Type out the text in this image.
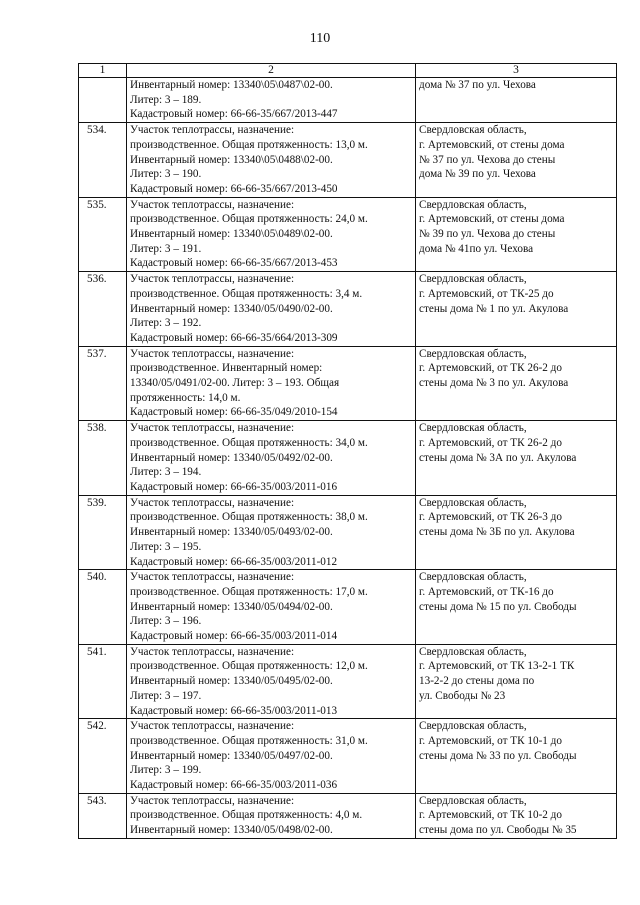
110
1	2	3

	Инвентарный номер: 13340\05\0487\02-00.
Литер: 3 – 189.
Кадастровый номер: 66-66-35/667/2013-447	дома № 37 по ул. Чехова

534.	Участок теплотрассы, назначение:
производственное. Общая протяженность: 13,0 м.
Инвентарный номер: 13340\05\0488\02-00.
Литер: 3 – 190.
Кадастровый номер: 66-66-35/667/2013-450	Свердловская область,
г. Артемовский, от стены дома
№ 37 по ул. Чехова до стены
дома № 39 по ул. Чехова

535.	Участок теплотрассы, назначение:
производственное. Общая протяженность: 24,0 м.
Инвентарный номер: 13340\05\0489\02-00.
Литер: 3 – 191.
Кадастровый номер: 66-66-35/667/2013-453	Свердловская область,
г. Артемовский, от стены дома
№ 39 по ул. Чехова до стены
дома № 41по ул. Чехова

536.	Участок теплотрассы, назначение:
производственное. Общая протяженность: 3,4 м.
Инвентарный номер: 13340/05/0490/02-00.
Литер: 3 – 192.
Кадастровый номер: 66-66-35/664/2013-309	Свердловская область,
г. Артемовский, от ТК-25 до
стены дома № 1 по ул. Акулова

537.	Участок теплотрассы, назначение:
производственное. Инвентарный номер:
13340/05/0491/02-00. Литер: 3 – 193. Общая
протяженность: 14,0 м.
Кадастровый номер: 66-66-35/049/2010-154	Свердловская область,
г. Артемовский, от ТК 26-2 до
стены дома № 3 по ул. Акулова

538.	Участок теплотрассы, назначение:
производственное. Общая протяженность: 34,0 м.
Инвентарный номер: 13340/05/0492/02-00.
Литер: 3 – 194.
Кадастровый номер: 66-66-35/003/2011-016	Свердловская область,
г. Артемовский, от ТК 26-2 до
стены дома № 3А по ул. Акулова

539.	Участок теплотрассы, назначение:
производственное. Общая протяженность: 38,0 м.
Инвентарный номер: 13340/05/0493/02-00.
Литер: 3 – 195.
Кадастровый номер: 66-66-35/003/2011-012	Свердловская область,
г. Артемовский, от ТК 26-3 до
стены дома № 3Б по ул. Акулова

540.	Участок теплотрассы, назначение:
производственное. Общая протяженность: 17,0 м.
Инвентарный номер: 13340/05/0494/02-00.
Литер: 3 – 196.
Кадастровый номер: 66-66-35/003/2011-014	Свердловская область,
г. Артемовский, от ТК-16 до
стены дома № 15 по ул. Свободы

541.	Участок теплотрассы, назначение:
производственное. Общая протяженность: 12,0 м.
Инвентарный номер: 13340/05/0495/02-00.
Литер: 3 – 197.
Кадастровый номер: 66-66-35/003/2011-013	Свердловская область,
г. Артемовский, от ТК 13-2-1 ТК
13-2-2 до стены дома по
ул. Свободы № 23

542.	Участок теплотрассы, назначение:
производственное. Общая протяженность: 31,0 м.
Инвентарный номер: 13340/05/0497/02-00.
Литер: 3 – 199.
Кадастровый номер: 66-66-35/003/2011-036	Свердловская область,
г. Артемовский, от ТК 10-1 до
стены дома № 33 по ул. Свободы

543.	Участок теплотрассы, назначение:
производственное. Общая протяженность: 4,0 м.
Инвентарный номер: 13340/05/0498/02-00.	Свердловская область,
г. Артемовский, от ТК 10-2 до
стены дома по ул. Свободы № 35
